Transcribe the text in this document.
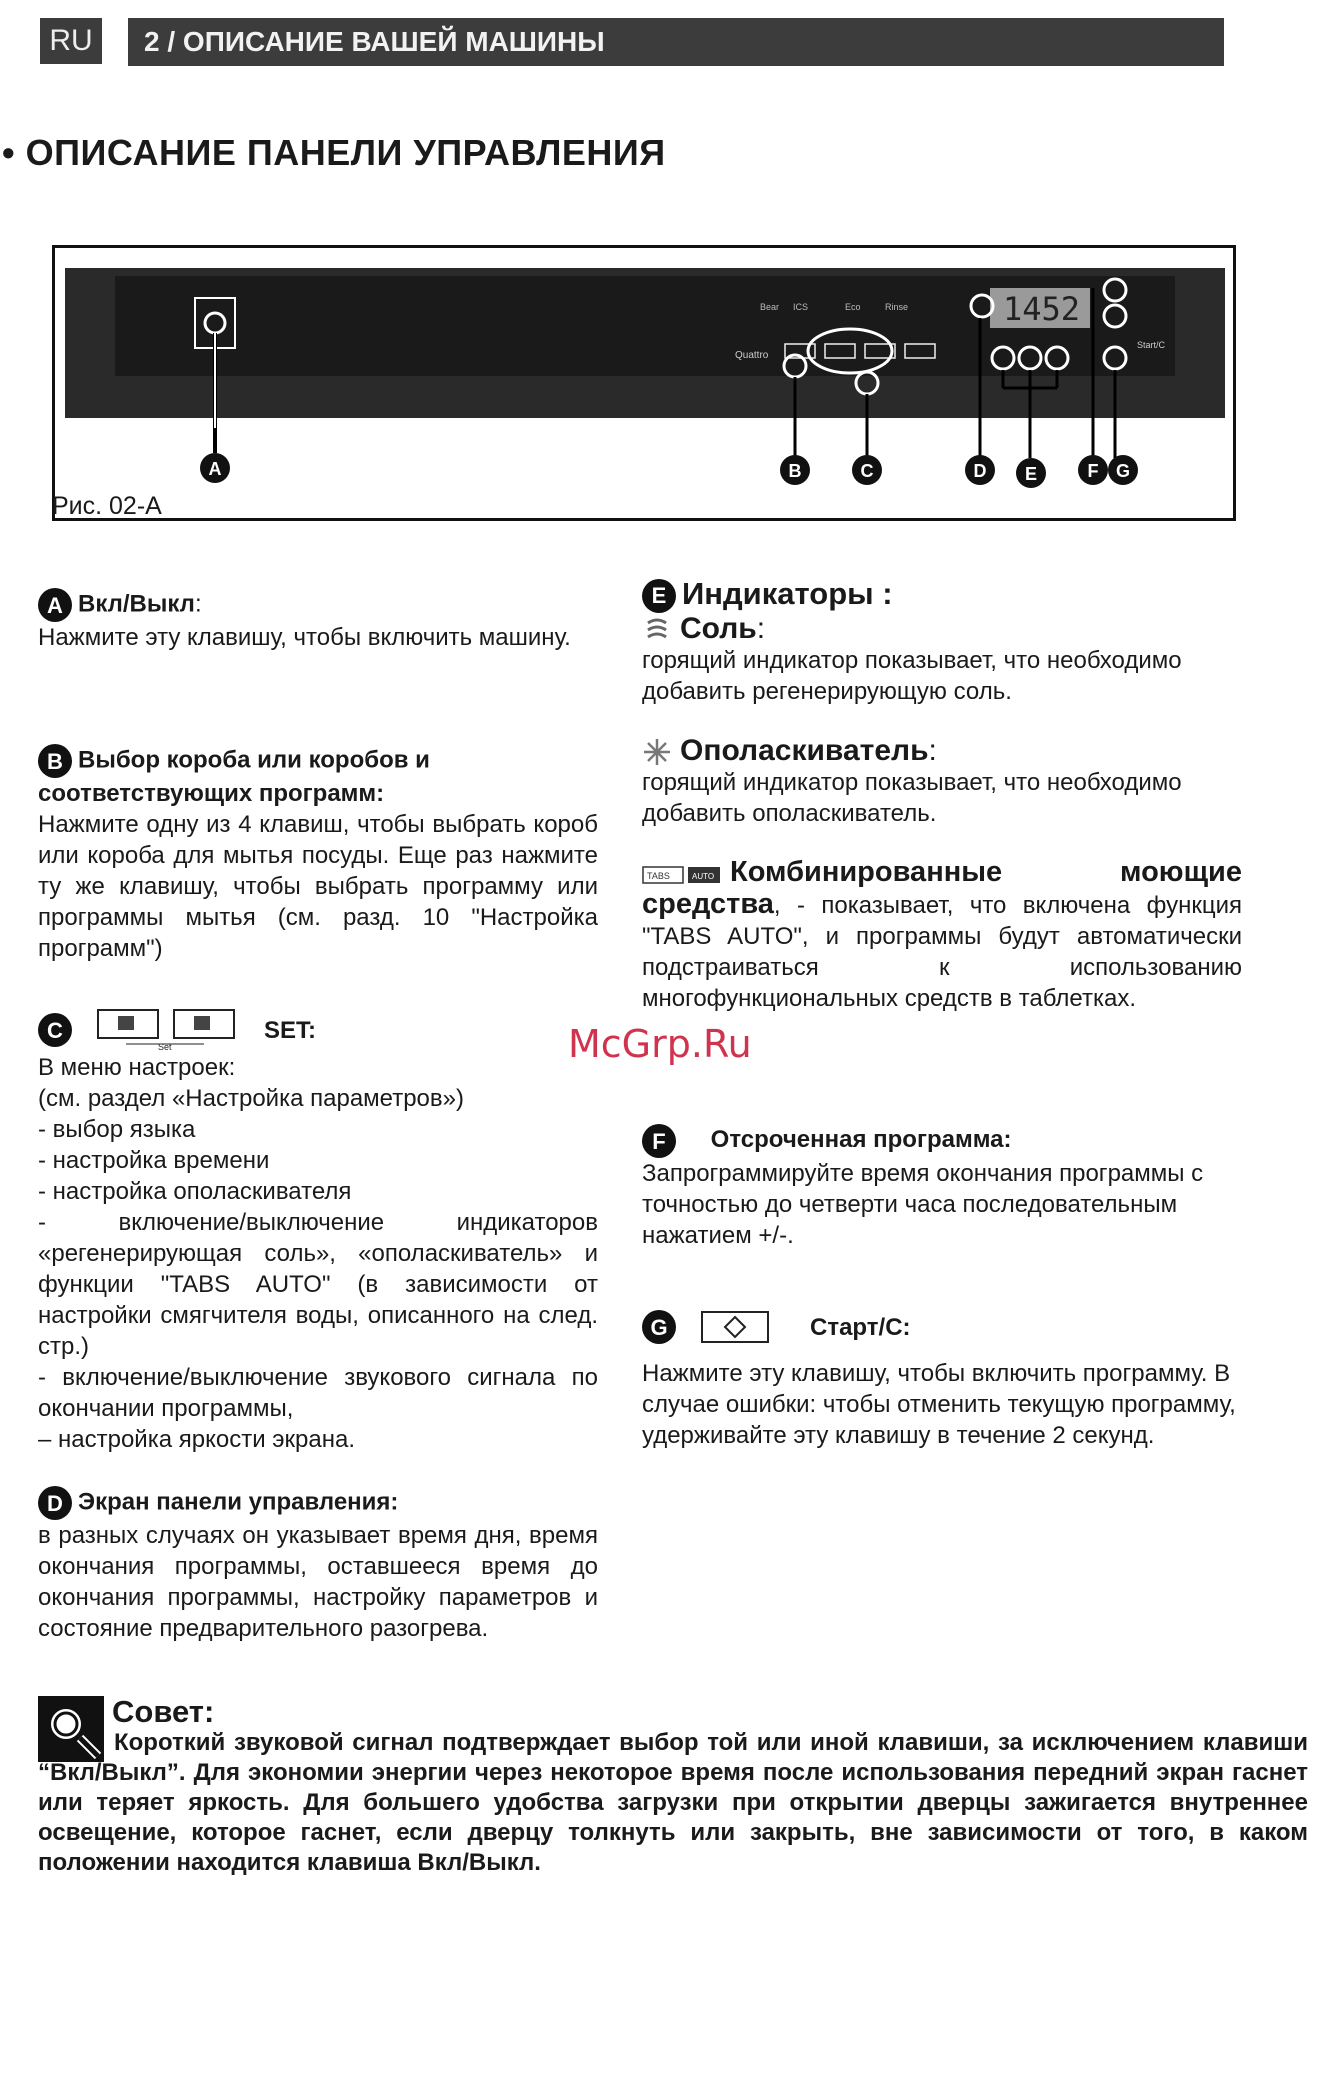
RU	2 / ОПИСАНИЕ ВАШЕЙ МАШИНЫ
• ОПИСАНИЕ ПАНЕЛИ УПРАВЛЕНИЯ
Bear ICS	Eco	Rinse
Quattro
1452
Start/C
A	B	C	D E	F G
Рис. 02-A

A Вкл/Выкл:

Нажмите эту клавишу, чтобы включить машину.

B Выбор короба или коробов и соответствующих программ:

Нажмите одну из 4 клавиш, чтобы выбрать короб или короба для мытья посуды. Еще раз нажмите ту же клавишу, чтобы выбрать программу или программы мытья (см. разд. 10 "Настройка программ")

C
Set
SET:

В меню настроек:

(см. раздел «Настройка параметров»)

- выбор языка

- настройка времени

- настройка ополаскивателя

- включение/выключение индикаторов «регенерирующая соль», «ополаскиватель» и функции "TABS AUTO" (в зависимости от настройки смягчителя воды, описанного на след. стр.)

- включение/выключение звукового сигнала по окончании программы,

– настройка яркости экрана.

D Экран панели управления:

в разных случаях он указывает время дня, время окончания программы, оставшееся время до окончания программы, настройку параметров и состояние предварительного разогрева.

E Индикаторы :

Соль:

горящий индикатор показывает, что необходимо добавить регенерирующую соль.

Ополаскиватель:

горящий индикатор показывает, что необходимо добавить ополаскиватель.

TABS	AUTO Комбинированные моющие средства, - показывает, что включена функция "TABS AUTO", и программы будут автоматически подстраиваться к использованию многофункциональных средств в таблетках.

F Отсроченная программа:

Запрограммируйте время окончания программы с точностью до четверти часа последовательным нажатием +/-.

G	Старт/С:

Нажмите эту клавишу, чтобы включить программу. В случае ошибки: чтобы отменить текущую программу, удерживайте эту клавишу в течение 2 секунд.

Совет:
Короткий звуковой сигнал подтверждает выбор той или иной клавиши, за исключением клавиши “Вкл/Выкл”. Для экономии энергии через некоторое время после использования передний экран гаснет или теряет яркость. Для большего удобства загрузки при открытии дверцы зажигается внутреннее освещение, которое гаснет, если дверцу толкнуть или закрыть, вне зависимости от того, в каком положении находится клавиша Вкл/Выкл.
McGrp.Ru
